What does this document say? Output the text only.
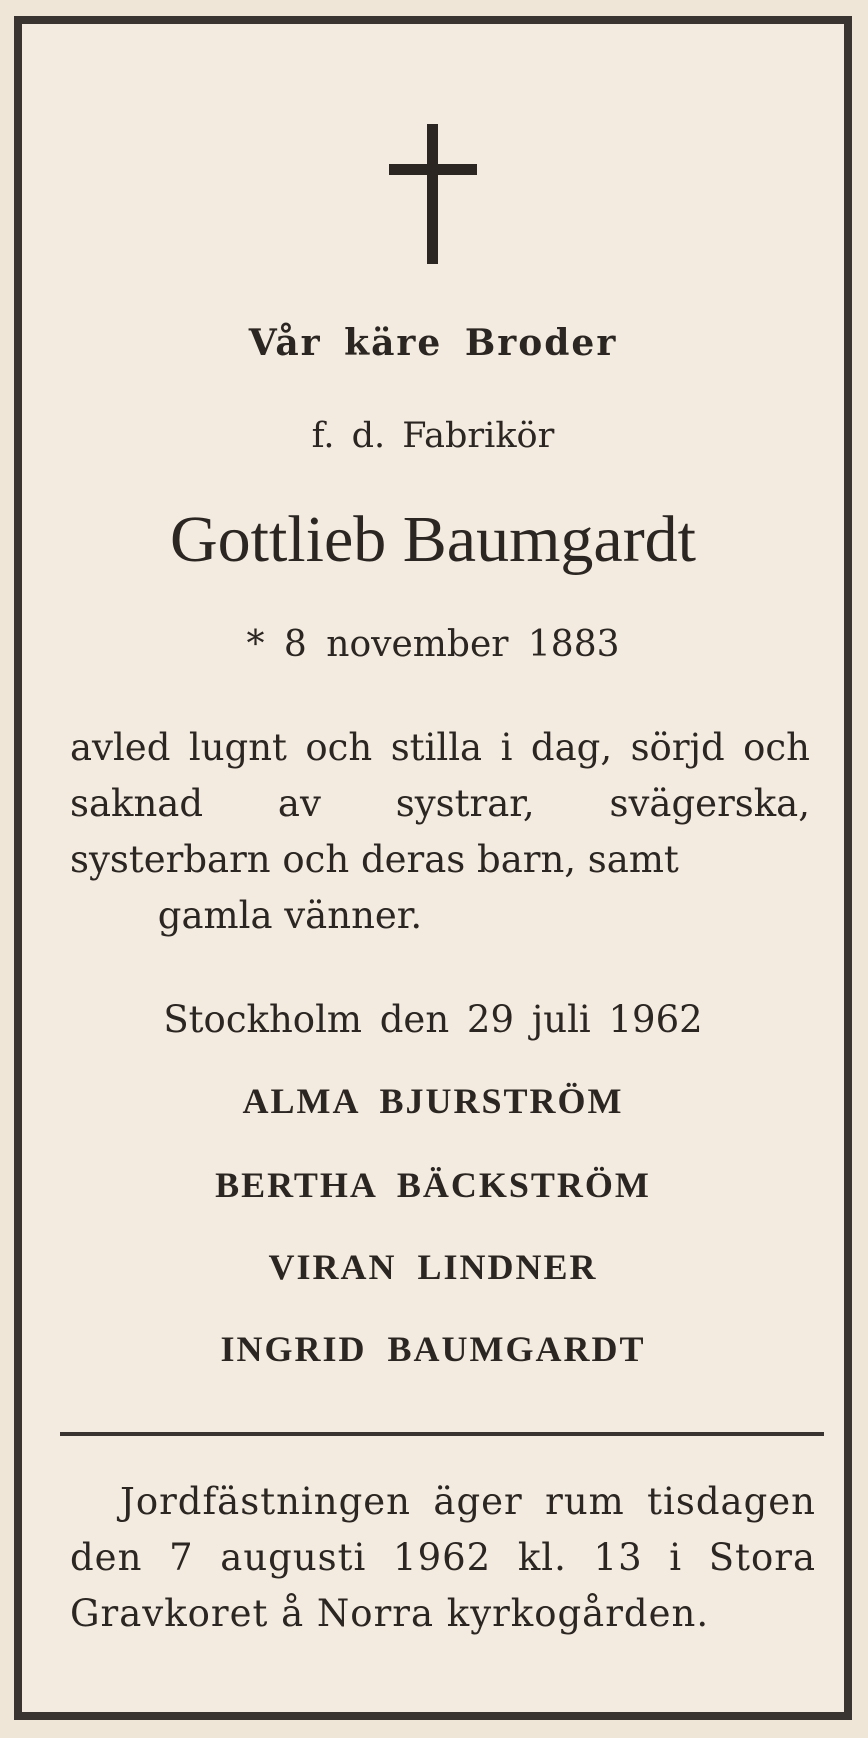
Vår käre Broder

f. d. Fabrikör

Gottlieb Baumgardt

* 8 november 1883

avled lugnt och stilla i dag, sörjd och saknad av systrar, svägerska, systerbarn och deras barn, samt
gamla vänner.

Stockholm den 29 juli 1962

ALMA BJURSTRÖM

BERTHA BÄCKSTRÖM

VIRAN LINDNER

INGRID BAUMGARDT

Jordfästningen äger rum tisdagen den 7 augusti 1962 kl. 13 i Stora Gravkoret å Norra kyrkogården.
